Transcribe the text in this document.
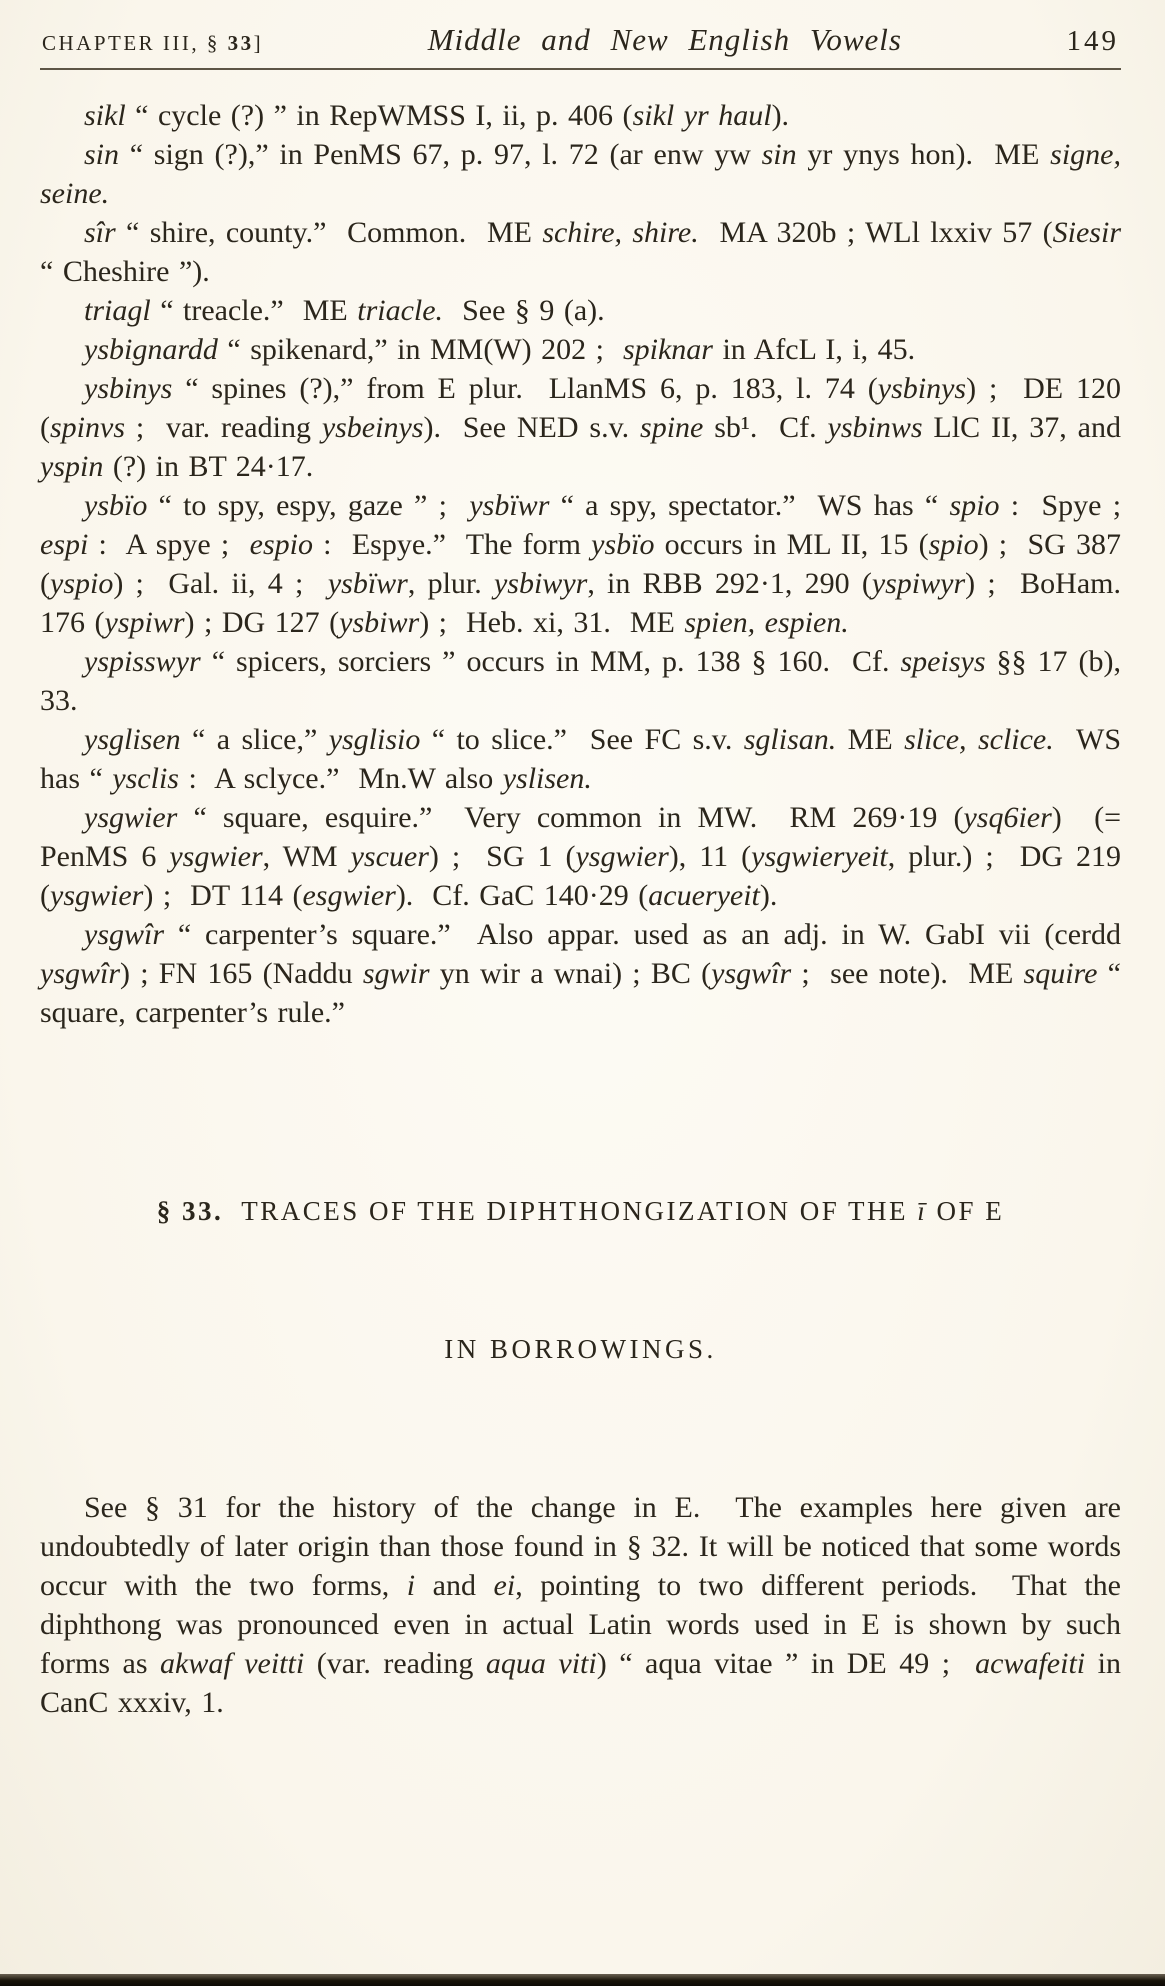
CHAPTER III, § 33]	Middle and New English Vowels	149

sikl “ cycle (?) ” in RepWMSS I, ii, p. 406 (sikl yr haul).

sin “ sign (?),” in PenMS 67, p. 97, l. 72 (ar enw yw sin yr ynys hon).  ME signe, seine.

sîr “ shire, county.”  Common.  ME schire, shire.  MA 320b ; WLl lxxiv 57 (Siesir “ Cheshire ”).

triagl “ treacle.”  ME triacle.  See § 9 (a).

ysbignardd “ spikenard,” in MM(W) 202 ;  spiknar in AfcL I, i, 45.

ysbinys “ spines (?),” from E plur.  LlanMS 6, p. 183, l. 74 (ysbinys) ;  DE 120 (spinvs ;  var. reading ysbeinys).  See NED s.v. spine sb¹.  Cf. ysbinws LlC II, 37, and yspin (?) in BT 24·17.

ysbïo “ to spy, espy, gaze ” ;  ysbïwr “ a spy, spectator.”  WS has “ spio :  Spye ;  espi :  A spye ;  espio :  Espye.”  The form ysbïo occurs in ML II, 15 (spio) ;  SG 387 (yspio) ;  Gal. ii, 4 ;  ysbïwr, plur. ysbiwyr, in RBB 292·1, 290 (yspiwyr) ;  BoHam. 176 (yspiwr) ; DG 127 (ysbiwr) ;  Heb. xi, 31.  ME spien, espien.

yspisswyr “ spicers, sorciers ” occurs in MM, p. 138 § 160.  Cf. speisys §§ 17 (b), 33.

ysglisen “ a slice,” ysglisio “ to slice.”  See FC s.v. sglisan. ME slice, sclice.  WS has “ ysclis :  A sclyce.”  Mn.W also yslisen.

ysgwier “ square, esquire.”  Very common in MW.  RM 269·19 (ysq6ier)  (= PenMS 6 ysgwier, WM yscuer) ;  SG 1 (ysgwier), 11 (ysgwieryeit, plur.) ;  DG 219 (ysgwier) ;  DT 114 (esgwier).  Cf. GaC 140·29 (acueryeit).

ysgwîr “ carpenter’s square.”  Also appar. used as an adj. in W. GabI vii (cerdd ysgwîr) ; FN 165 (Naddu sgwir yn wir a wnai) ; BC (ysgwîr ;  see note).  ME squire “ square, carpenter’s rule.”

§ 33.  TRACES OF THE DIPHTHONGIZATION OF THE ī OF E

IN BORROWINGS.

See § 31 for the history of the change in E.  The examples here given are undoubtedly of later origin than those found in § 32. It will be noticed that some words occur with the two forms, i and ei, pointing to two different periods.  That the diphthong was pronounced even in actual Latin words used in E is shown by such forms as akwaf veitti (var. reading aqua viti) “ aqua vitae ” in DE 49 ;  acwafeiti in CanC xxxiv, 1.
